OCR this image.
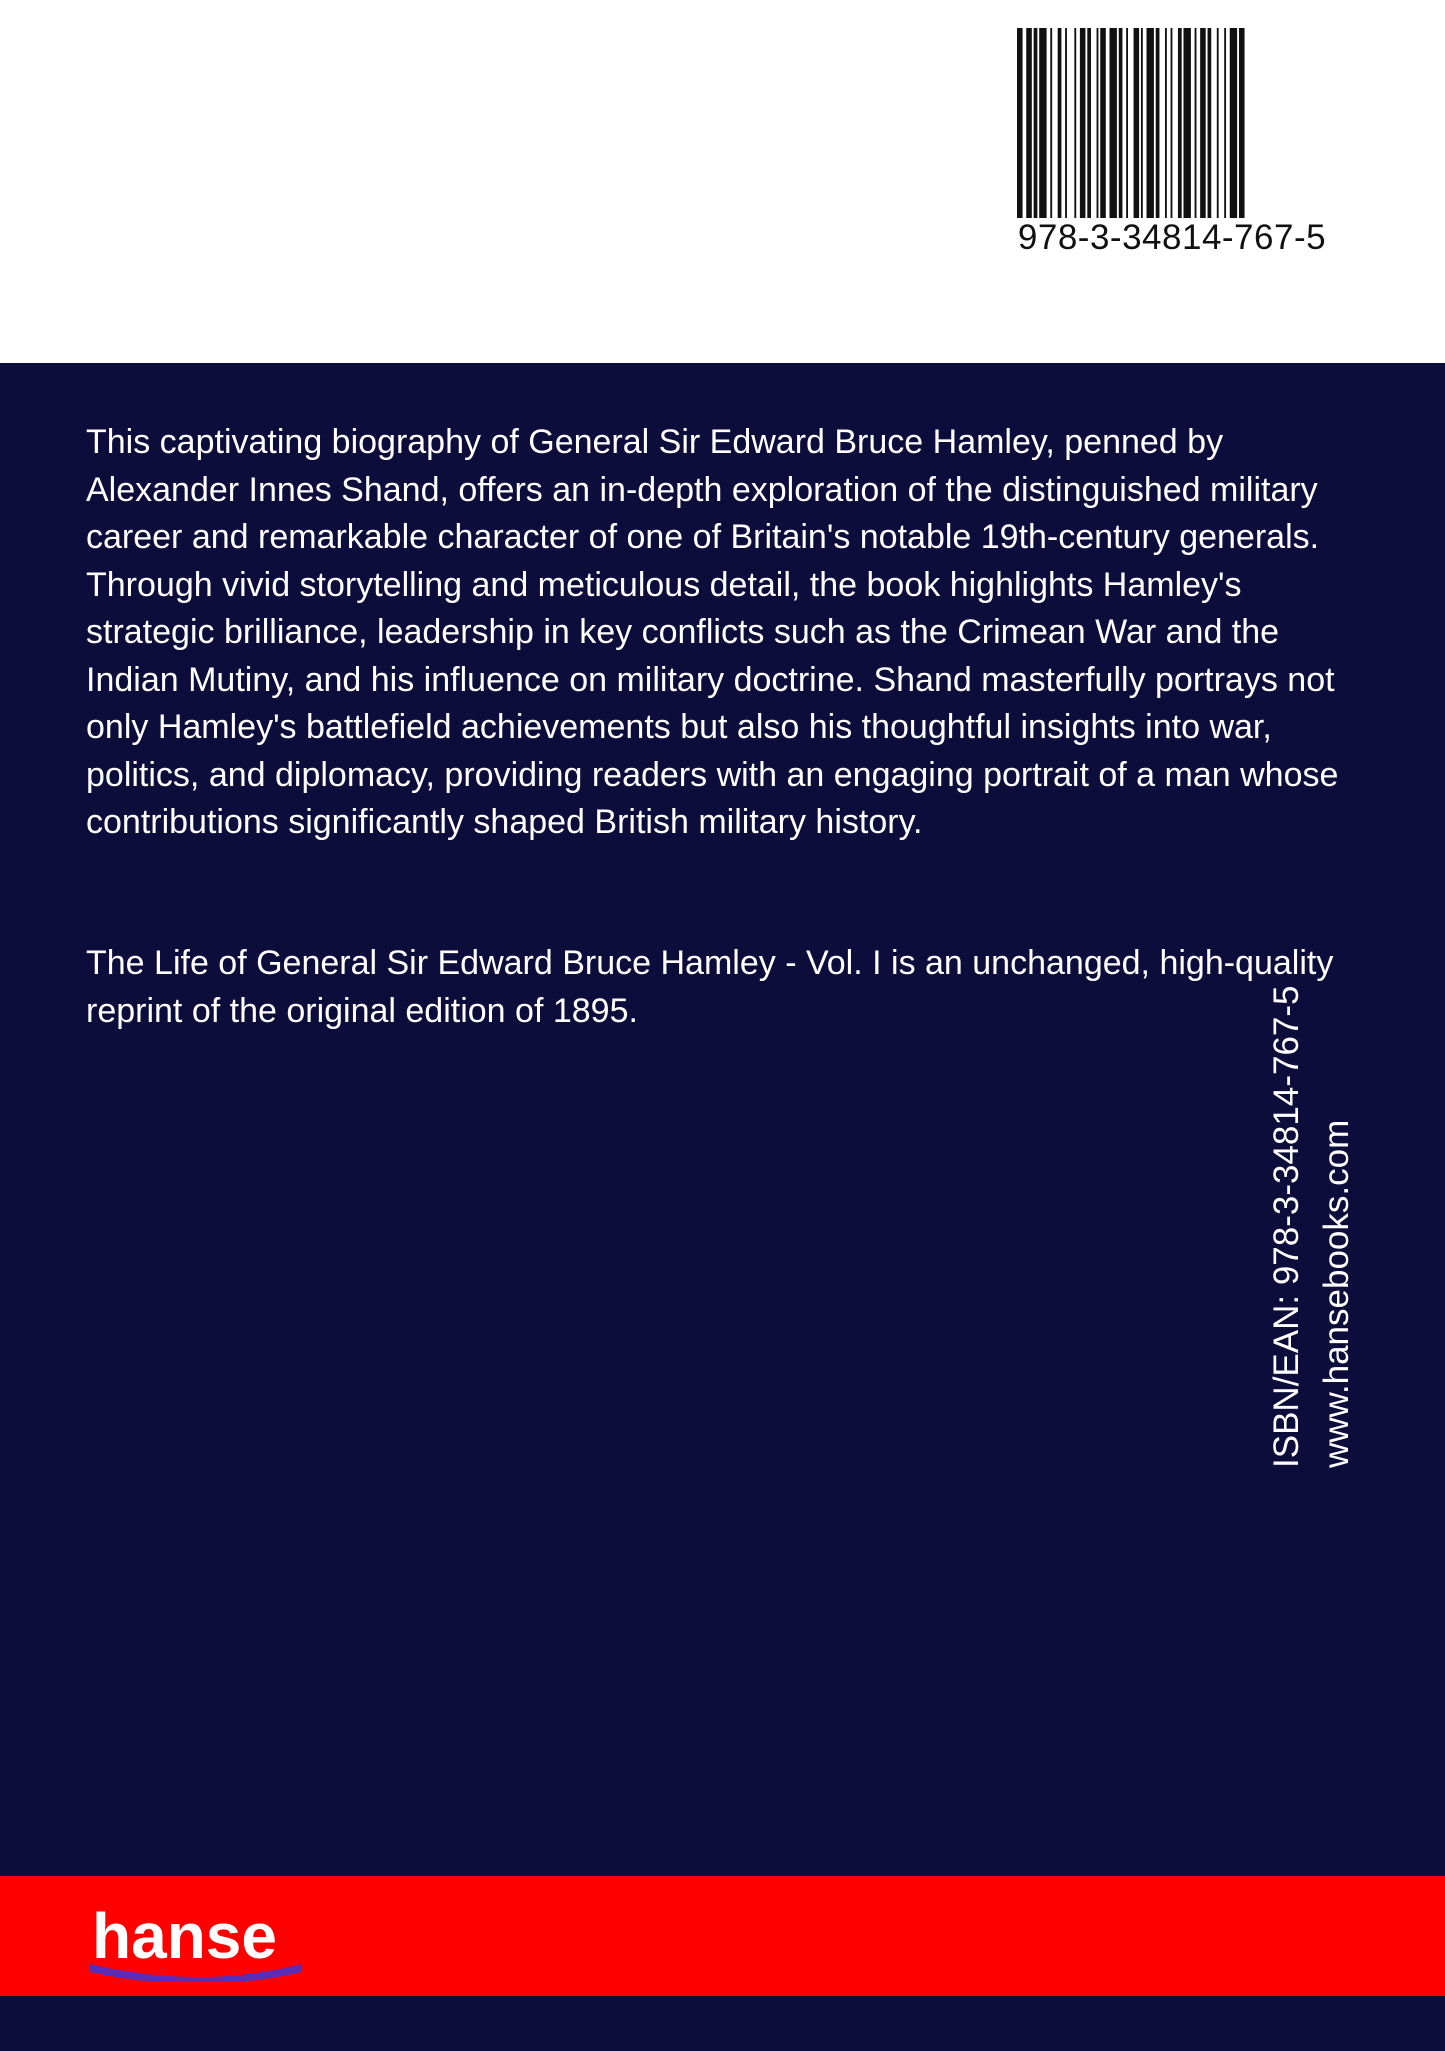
978-3-34814-767-5

This captivating biography of General Sir Edward Bruce Hamley, penned by Alexander Innes Shand, offers an in-depth exploration of the distinguished military career and remarkable character of one of Britain's notable 19th-century generals. Through vivid storytelling and meticulous detail, the book highlights Hamley's strategic brilliance, leadership in key conflicts such as the Crimean War and the Indian Mutiny, and his influence on military doctrine. Shand masterfully portrays not only Hamley's battlefield achievements but also his thoughtful insights into war, politics, and diplomacy, providing readers with an engaging portrait of a man whose contributions significantly shaped British military history.

The Life of General Sir Edward Bruce Hamley - Vol. I is an unchanged, high-quality reprint of the original edition of 1895.	ISBN/EAN: 978-3-34814-767-5 www.hansebooks.com
hanse
